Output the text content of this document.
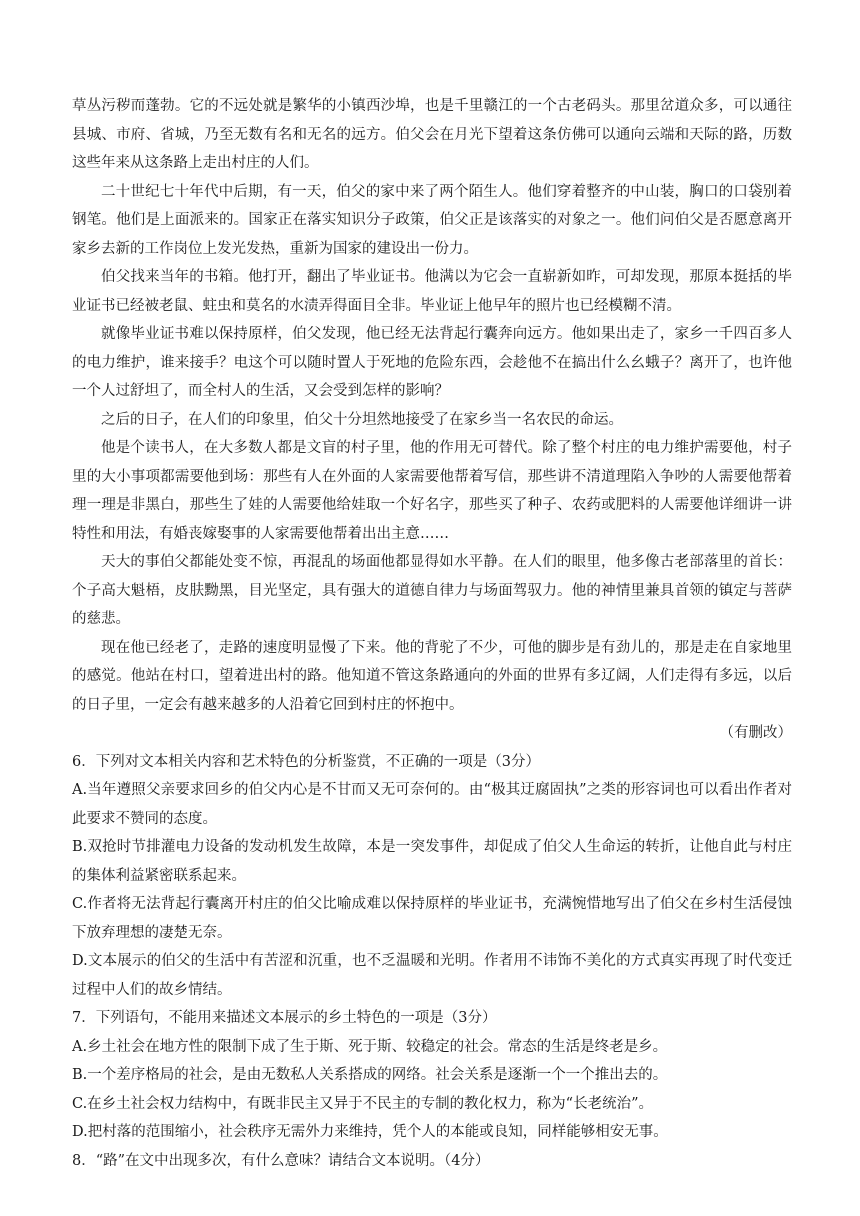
草丛污秽而蓬勃。它的不远处就是繁华的小镇西沙埠，也是千里赣江的一个古老码头。那里岔道众多，可以通往县城、市府、省城，乃至无数有名和无名的远方。伯父会在月光下望着这条仿佛可以通向云端和天际的路，历数这些年来从这条路上走出村庄的人们。

二十世纪七十年代中后期，有一天，伯父的家中来了两个陌生人。他们穿着整齐的中山装，胸口的口袋别着钢笔。他们是上面派来的。国家正在落实知识分子政策，伯父正是该落实的对象之一。他们问伯父是否愿意离开家乡去新的工作岗位上发光发热，重新为国家的建设出一份力。

伯父找来当年的书箱。他打开，翻出了毕业证书。他满以为它会一直崭新如昨，可却发现，那原本挺括的毕业证书已经被老鼠、蛀虫和莫名的水渍弄得面目全非。毕业证上他早年的照片也已经模糊不清。

就像毕业证书难以保持原样，伯父发现，他已经无法背起行囊奔向远方。他如果出走了，家乡一千四百多人的电力维护，谁来接手？电这个可以随时置人于死地的危险东西，会趁他不在搞出什么幺蛾子？离开了，也许他一个人过舒坦了，而全村人的生活，又会受到怎样的影响？

之后的日子，在人们的印象里，伯父十分坦然地接受了在家乡当一名农民的命运。

他是个读书人，在大多数人都是文盲的村子里，他的作用无可替代。除了整个村庄的电力维护需要他，村子里的大小事项都需要他到场：那些有人在外面的人家需要他帮着写信，那些讲不清道理陷入争吵的人需要他帮着理一理是非黑白，那些生了娃的人需要他给娃取一个好名字，那些买了种子、农药或肥料的人需要他详细讲一讲特性和用法，有婚丧嫁娶事的人家需要他帮着出出主意……

天大的事伯父都能处变不惊，再混乱的场面他都显得如水平静。在人们的眼里，他多像古老部落里的首长：个子高大魁梧，皮肤黝黑，目光坚定，具有强大的道德自律力与场面驾驭力。他的神情里兼具首领的镇定与菩萨的慈悲。

现在他已经老了，走路的速度明显慢了下来。他的背驼了不少，可他的脚步是有劲儿的，那是走在自家地里的感觉。他站在村口，望着进出村的路。他知道不管这条路通向的外面的世界有多辽阔，人们走得有多远，以后的日子里，一定会有越来越多的人沿着它回到村庄的怀抱中。

（有删改）

6．下列对文本相关内容和艺术特色的分析鉴赏，不正确的一项是（3分）

A.当年遵照父亲要求回乡的伯父内心是不甘而又无可奈何的。由“极其迂腐固执”之类的形容词也可以看出作者对此要求不赞同的态度。

B.双抢时节排灌电力设备的发动机发生故障，本是一突发事件，却促成了伯父人生命运的转折，让他自此与村庄的集体利益紧密联系起来。

C.作者将无法背起行囊离开村庄的伯父比喻成难以保持原样的毕业证书，充满惋惜地写出了伯父在乡村生活侵蚀下放弃理想的凄楚无奈。

D.文本展示的伯父的生活中有苦涩和沉重，也不乏温暖和光明。作者用不讳饰不美化的方式真实再现了时代变迁过程中人们的故乡情结。

7．下列语句，不能用来描述文本展示的乡土特色的一项是（3分）

A.乡土社会在地方性的限制下成了生于斯、死于斯、较稳定的社会。常态的生活是终老是乡。

B.一个差序格局的社会，是由无数私人关系搭成的网络。社会关系是逐渐一个一个推出去的。

C.在乡土社会权力结构中，有既非民主又异于不民主的专制的教化权力，称为“长老统治”。

D.把村落的范围缩小，社会秩序无需外力来维持，凭个人的本能或良知，同样能够相安无事。

8．“路”在文中出现多次，有什么意味？请结合文本说明。（4分）
